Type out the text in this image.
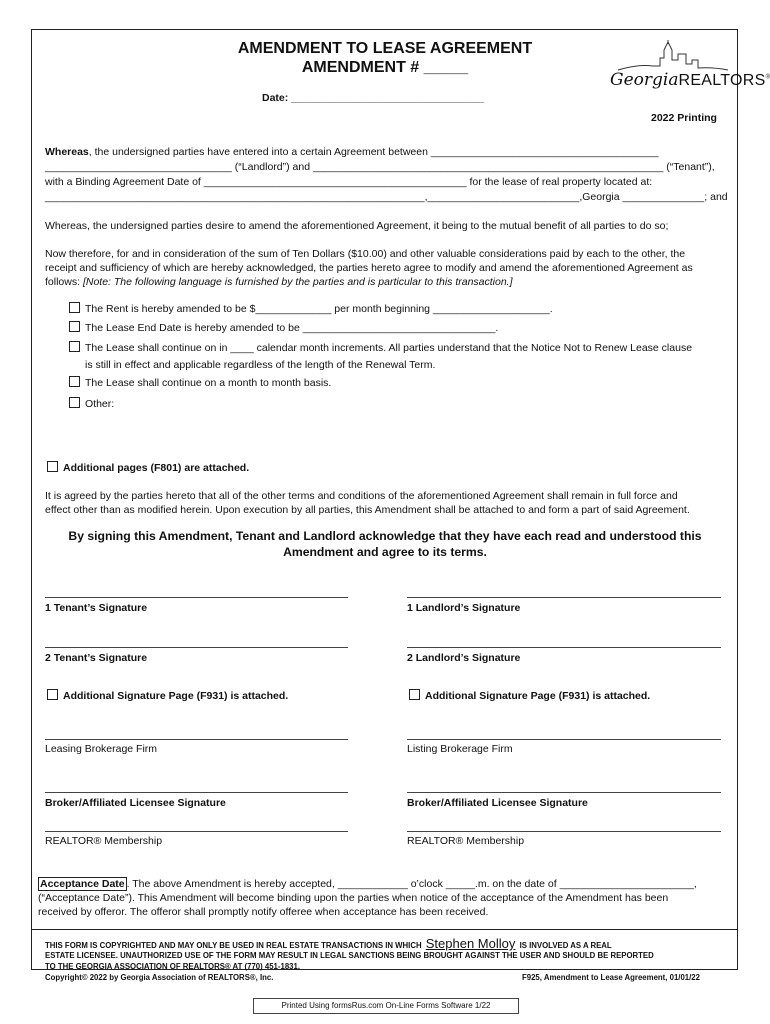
AMENDMENT TO LEASE AGREEMENT
AMENDMENT # _____
Date: _________________________________
2022 Printing
GeorgiaREALTORS®
Whereas, the undersigned parties have entered into a certain Agreement between _______________________________________
________________________________ (“Landlord”) and ____________________________________________________________ (“Tenant”),
with a Binding Agreement Date of _____________________________________________ for the lease of real property located at:
_________________________________________________________________,__________________________,Georgia ______________; and
Whereas, the undersigned parties desire to amend the aforementioned Agreement, it being to the mutual benefit of all parties to do so;
Now therefore, for and in consideration of the sum of Ten Dollars ($10.00) and other valuable considerations paid by each to the other, the
receipt and sufficiency of which are hereby acknowledged, the parties hereto agree to modify and amend the aforementioned Agreement as
follows: [Note: The following language is furnished by the parties and is particular to this transaction.]
The Rent is hereby amended to be $_____________ per month beginning ____________________.
The Lease End Date is hereby amended to be _________________________________.
The Lease shall continue on in ____ calendar month increments. All parties understand that the Notice Not to Renew Lease clause
is still in effect and applicable regardless of the length of the Renewal Term.
The Lease shall continue on a month to month basis.
Other:
Additional pages (F801) are attached.
It is agreed by the parties hereto that all of the other terms and conditions of the aforementioned Agreement shall remain in full force and
effect other than as modified herein. Upon execution by all parties, this Amendment shall be attached to and form a part of said Agreement.
By signing this Amendment, Tenant and Landlord acknowledge that they have each read and understood this
Amendment and agree to its terms.
1 Tenant’s Signature	1 Landlord’s Signature
2 Tenant’s Signature	2 Landlord’s Signature
Additional Signature Page (F931) is attached.	Additional Signature Page (F931) is attached.
Leasing Brokerage Firm	Listing Brokerage Firm
Broker/Affiliated Licensee Signature	Broker/Affiliated Licensee Signature
REALTOR® Membership	REALTOR® Membership
Acceptance Date . The above Amendment is hereby accepted, ____________ o’clock _____.m. on the date of _______________________,
(“Acceptance Date”). This Amendment will become binding upon the parties when notice of the acceptance of the Amendment has been
received by offeror. The offeror shall promptly notify offeree when acceptance has been received.
THIS FORM IS COPYRIGHTED AND MAY ONLY BE USED IN REAL ESTATE TRANSACTIONS IN WHICH Stephen Molloy IS INVOLVED AS A REAL
ESTATE LICENSEE. UNAUTHORIZED USE OF THE FORM MAY RESULT IN LEGAL SANCTIONS BEING BROUGHT AGAINST THE USER AND SHOULD BE REPORTED
TO THE GEORGIA ASSOCIATION OF REALTORS® AT (770) 451-1831.
Copyright© 2022 by Georgia Association of REALTORS®, Inc.	F925, Amendment to Lease Agreement, 01/01/22
Printed Using formsRus.com On-Line Forms Software 1/22
